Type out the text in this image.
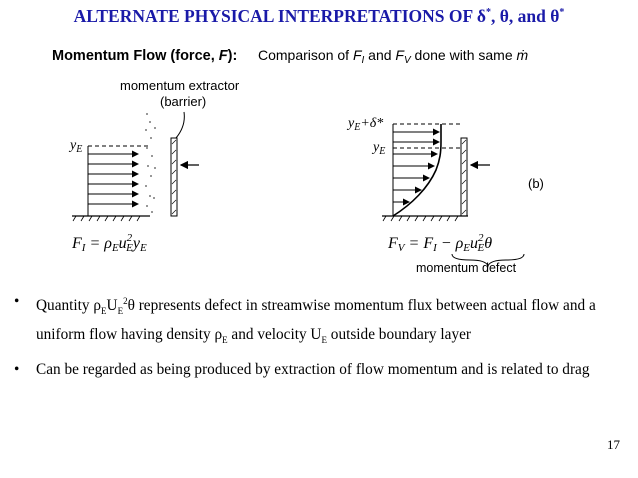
ALTERNATE PHYSICAL INTERPRETATIONS OF δ*, θ, and θ*
Momentum Flow (force, F): Comparison of $F_I$ and $F_V$ done with same ṁ
momentum extractor
(barrier)
$y_E$
$y_E+\delta*$
$y_E$
(b)
FI = ρEu$^2$ EyE	FV = FI − ρEu$^2$ Eθ
momentum defect
• Quantity $\rho_EU_E^2\theta$ represents defect in streamwise momentum flux between actual flow and a uniform flow having density $\rho_E$ and velocity $U_E$ outside boundary layer
• Can be regarded as being produced by extraction of flow momentum and is related to drag
17
